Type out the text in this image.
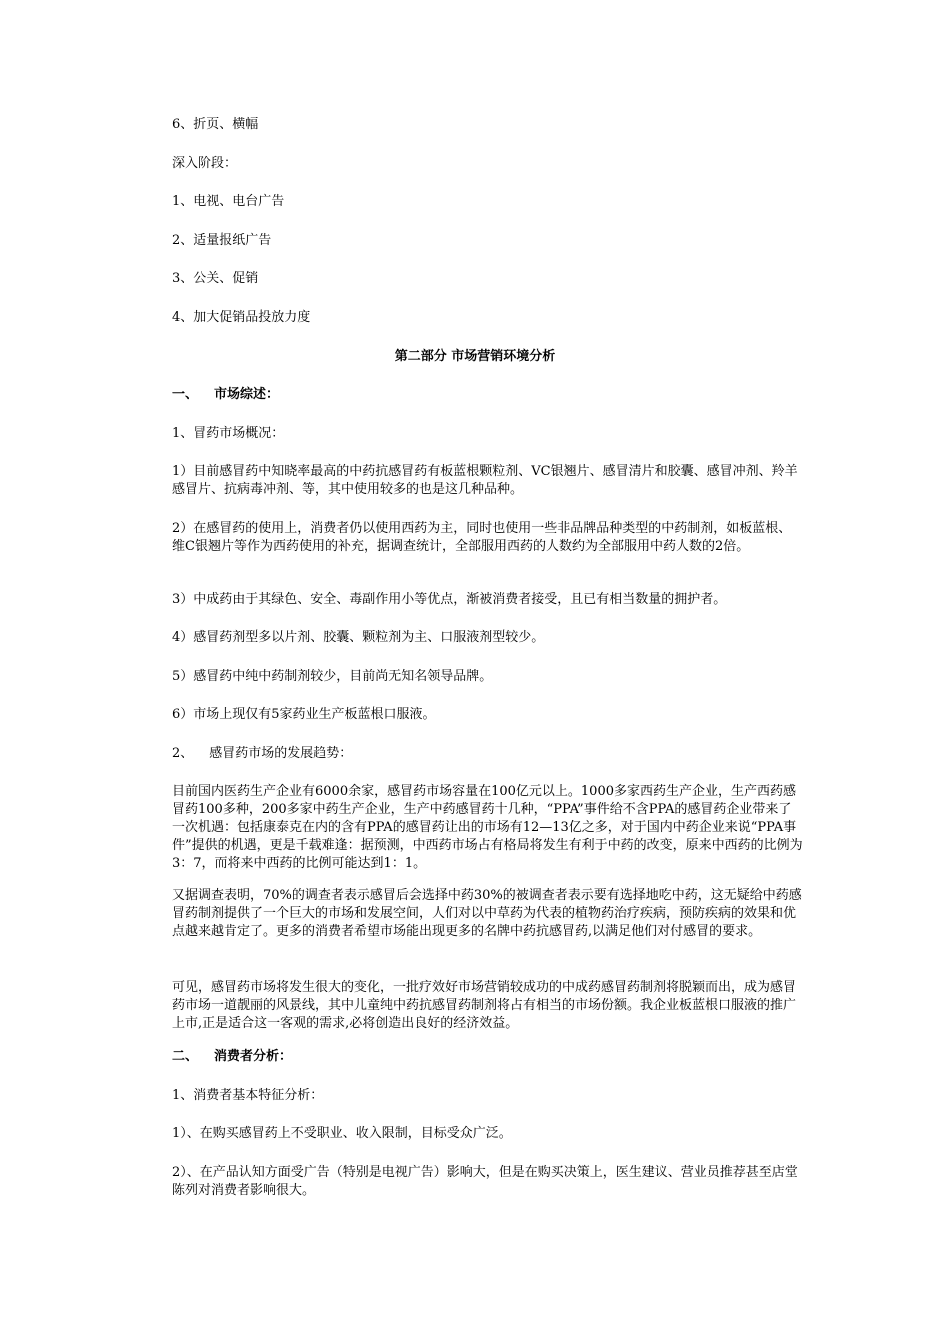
6、折页、横幅
深入阶段：
1、电视、电台广告
2、适量报纸广告
3、公关、促销
4、加大促销品投放力度
第二部分 市场营销环境分析
一、 市场综述：
1、冒药市场概况：
1）目前感冒药中知晓率最高的中药抗感冒药有板蓝根颗粒剂、VC银翘片、感冒清片和胶囊、感冒冲剂、羚羊感冒片、抗病毒冲剂、等，其中使用较多的也是这几种品种。
2）在感冒药的使用上，消费者仍以使用西药为主，同时也使用一些非品牌品种类型的中药制剂，如板蓝根、维C银翘片等作为西药使用的补充，据调查统计，全部服用西药的人数约为全部服用中药人数的2倍。
3）中成药由于其绿色、安全、毒副作用小等优点，渐被消费者接受，且已有相当数量的拥护者。
4）感冒药剂型多以片剂、胶囊、颗粒剂为主、口服液剂型较少。
5）感冒药中纯中药制剂较少，目前尚无知名领导品牌。
6）市场上现仅有5家药业生产板蓝根口服液。
2、 感冒药市场的发展趋势：
目前国内医药生产企业有6000余家，感冒药市场容量在100亿元以上。1000多家西药生产企业，生产西药感冒药100多种，200多家中药生产企业，生产中药感冒药十几种，“PPA”事件给不含PPA的感冒药企业带来了一次机遇：包括康泰克在内的含有PPA的感冒药让出的市场有12—13亿之多，对于国内中药企业来说“PPA事件”提供的机遇，更是千载难逢：据预测，中西药市场占有格局将发生有利于中药的改变，原来中西药的比例为3：7，而将来中西药的比例可能达到1：1。
又据调查表明，70%的调查者表示感冒后会选择中药30%的被调查者表示要有选择地吃中药，这无疑给中药感冒药制剂提供了一个巨大的市场和发展空间，人们对以中草药为代表的植物药治疗疾病，预防疾病的效果和优点越来越肯定了。更多的消费者希望市场能出现更多的名牌中药抗感冒药,以满足他们对付感冒的要求。
可见，感冒药市场将发生很大的变化，一批疗效好市场营销较成功的中成药感冒药制剂将脱颖而出，成为感冒药市场一道靓丽的风景线，其中儿童纯中药抗感冒药制剂将占有相当的市场份额。我企业板蓝根口服液的推广上市,正是适合这一客观的需求,必将创造出良好的经济效益。
二、 消费者分析：
1、消费者基本特征分析：
1）、在购买感冒药上不受职业、收入限制，目标受众广泛。
2）、在产品认知方面受广告（特别是电视广告）影响大，但是在购买决策上，医生建议、营业员推荐甚至店堂陈列对消费者影响很大。
